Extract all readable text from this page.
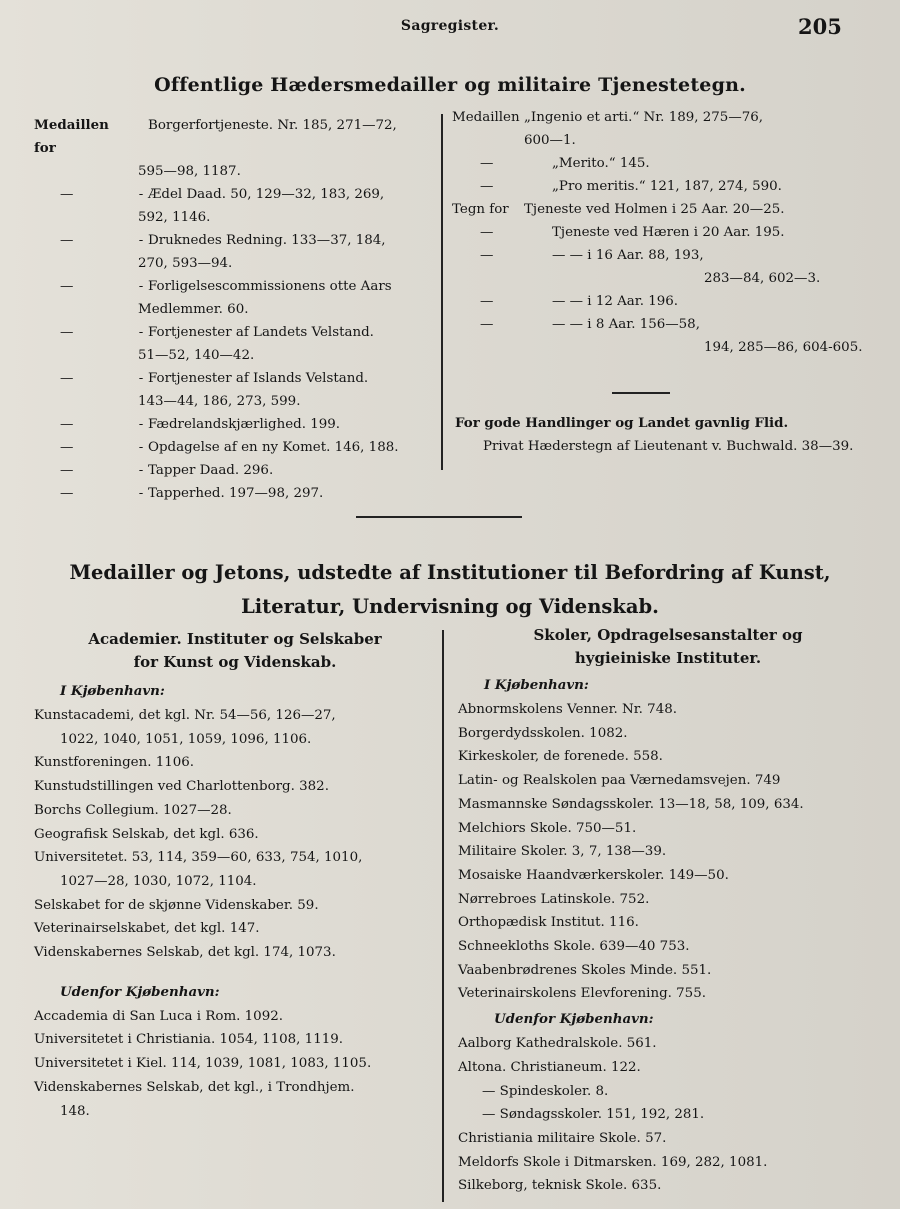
Sagregister.	205
Offentlige Hædersmedailler og militaire Tjenestetegn.
Medaillen for
Borgerfortjeneste. Nr. 185, 271—72,
595—98, 1187.
—	- Ædel Daad. 50, 129—32, 183, 269,
592, 1146.
—	- Druknedes Redning. 133—37, 184,
270, 593—94.
—	- Forligelsescommissionens otte Aars
Medlemmer. 60.
—	- Fortjenester af Landets Velstand.
51—52, 140—42.
—	- Fortjenester af Islands Velstand.
143—44, 186, 273, 599.
—	- Fædrelandskjærlighed. 199.
—	- Opdagelse af en ny Komet. 146, 188.
—	- Tapper Daad. 296.
—	- Tapperhed. 197—98, 297.
Medaillen „Ingenio et arti.“ Nr. 189, 275—76,
600—1.
—	„Merito.“ 145.
—	„Pro meritis.“ 121, 187, 274, 590.
Tegn for	Tjeneste ved Holmen i 25 Aar. 20—25.
—	Tjeneste ved Hæren i 20 Aar. 195.
—	— — i 16 Aar. 88, 193,
283—84, 602—3.
—	— — i 12 Aar. 196.
—	— — i 8 Aar. 156—58,
194, 285—86, 604-605.
For gode Handlinger og Landet gavnlig Flid.
Privat Hæderstegn af Lieutenant v. Buchwald. 38—39.
Medailler og Jetons, udstedte af Institutioner til Befordring af Kunst,
Literatur, Undervisning og Videnskab.
Academier. Instituter og Selskaber
for Kunst og Videnskab.
I Kjøbenhavn:
Kunstacademi, det kgl. Nr. 54—56, 126—27,
1022, 1040, 1051, 1059, 1096, 1106.
Kunstforeningen. 1106.
Kunstudstillingen ved Charlottenborg. 382.
Borchs Collegium. 1027—28.
Geografisk Selskab, det kgl. 636.
Universitetet. 53, 114, 359—60, 633, 754, 1010,
1027—28, 1030, 1072, 1104.
Selskabet for de skjønne Videnskaber. 59.
Veterinairselskabet, det kgl. 147.
Videnskabernes Selskab, det kgl. 174, 1073.
Udenfor Kjøbenhavn:
Accademia di San Luca i Rom. 1092.
Universitetet i Christiania. 1054, 1108, 1119.
Universitetet i Kiel. 114, 1039, 1081, 1083, 1105.
Videnskabernes Selskab, det kgl., i Trondhjem.
148.
Skoler, Opdragelsesanstalter og
hygieiniske Instituter.
I Kjøbenhavn:
Abnormskolens Venner. Nr. 748.
Borgerdydsskolen. 1082.
Kirkeskoler, de forenede. 558.
Latin- og Realskolen paa Værnedamsvejen. 749
Masmannske Søndagsskoler. 13—18, 58, 109, 634.
Melchiors Skole. 750—51.
Militaire Skoler. 3, 7, 138—39.
Mosaiske Haandværkerskoler. 149—50.
Nørrebroes Latinskole. 752.
Orthopædisk Institut. 116.
Schneekloths Skole. 639—40 753.
Vaabenbrødrenes Skoles Minde. 551.
Veterinairskolens Elevforening. 755.
Udenfor Kjøbenhavn:
Aalborg Kathedralskole. 561.
Altona. Christianeum. 122.
— Spindeskoler. 8.
— Søndagsskoler. 151, 192, 281.
Christiania militaire Skole. 57.
Meldorfs Skole i Ditmarsken. 169, 282, 1081.
Silkeborg, teknisk Skole. 635.
